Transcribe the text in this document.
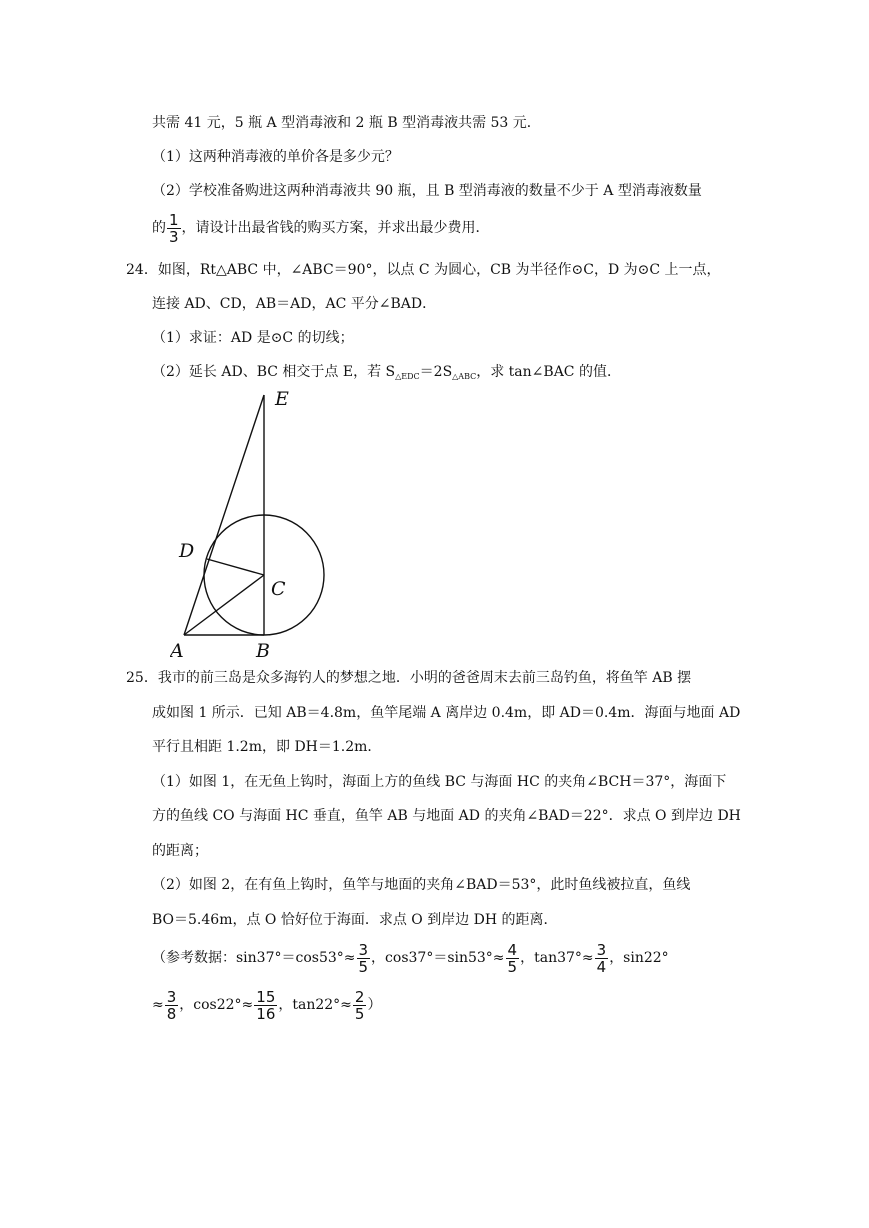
共需 41 元，5 瓶 A 型消毒液和 2 瓶 B 型消毒液共需 53 元．
（1）这两种消毒液的单价各是多少元？
（2）学校准备购进这两种消毒液共 90 瓶，且 B 型消毒液的数量不少于 A 型消毒液数量
的 $\frac{1}{3}$ ，请设计出最省钱的购买方案，并求出最少费用．
24．如图，Rt△ABC 中，∠ABC＝90°，以点 C 为圆心，CB 为半径作⊙C，D 为⊙C 上一点，
连接 AD、CD，AB＝AD，AC 平分∠BAD．
（1）求证：AD 是⊙C 的切线；
（2）延长 AD、BC 相交于点 E，若 $S_{\triangle EDC}=2S_{\triangle ABC}$，求 tan∠BAC 的值．
E
D
C
A	B
25．我市的前三岛是众多海钓人的梦想之地．小明的爸爸周末去前三岛钓鱼，将鱼竿 AB 摆
成如图 1 所示．已知 AB＝4.8m，鱼竿尾端 A 离岸边 0.4m，即 AD＝0.4m．海面与地面 AD
平行且相距 1.2m，即 DH＝1.2m．
（1）如图 1，在无鱼上钩时，海面上方的鱼线 BC 与海面 HC 的夹角∠BCH＝37°，海面下
方的鱼线 CO 与海面 HC 垂直，鱼竿 AB 与地面 AD 的夹角∠BAD＝22°．求点 O 到岸边 DH
的距离；
（2）如图 2，在有鱼上钩时，鱼竿与地面的夹角∠BAD＝53°，此时鱼线被拉直，鱼线
BO＝5.46m，点 O 恰好位于海面．求点 O 到岸边 DH 的距离．
（参考数据：$\sin 37^\circ=\cos 53^\circ\approx \frac{3}{5}$ ，$\cos 37^\circ=\sin 53^\circ\approx \frac{4}{5}$ ，$\tan 37^\circ\approx \frac{3}{4}$ ，sin22°
≈ $\frac{3}{8}$ ，$\cos 22^\circ\approx \frac{15}{16}$ ，$\tan 22^\circ\approx \frac{2}{5}$ ）
